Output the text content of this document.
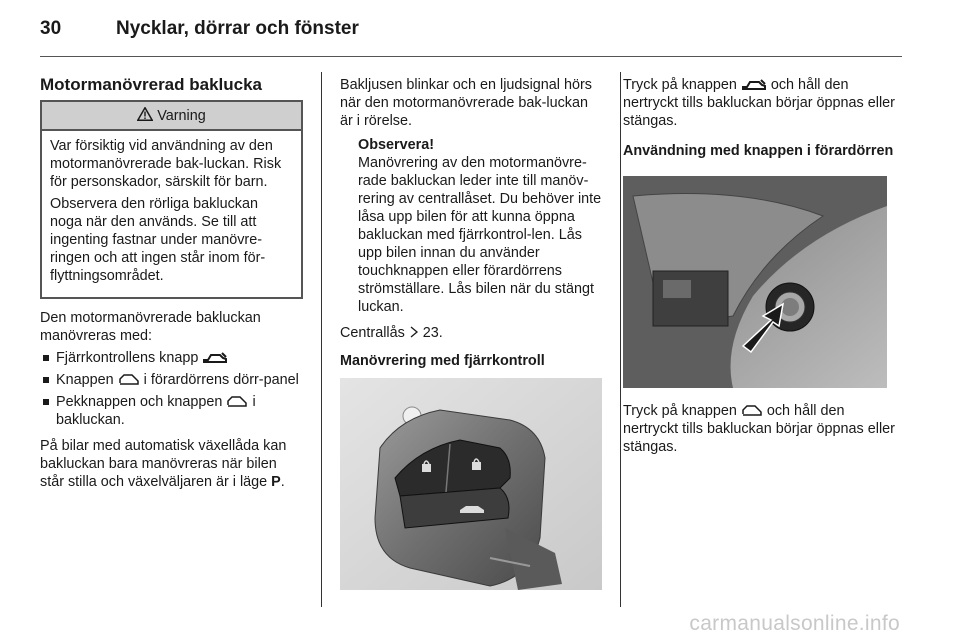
30	Nycklar, dörrar och fönster
Motormanövrerad baklucka
Varning

Var försiktig vid användning av den motormanövrerade bak-luckan. Risk för personskador, särskilt för barn.

Observera den rörliga bakluckan noga när den används. Se till att ingenting fastnar under manövre-ringen och att ingen står inom för-flyttningsområdet.

Den motormanövrerade bakluckan manövreras med:

Fjärrkontrollens knapp
Knappen i förardörrens dörr-panel
Pekknappen och knappen i bakluckan.

På bilar med automatisk växellåda kan bakluckan bara manövreras när bilen står stilla och växelväljaren är i läge P.

Bakljusen blinkar och en ljudsignal hörs när den motormanövrerade bak-luckan är i rörelse.

Observera!
Manövrering av den motormanövre-rade bakluckan leder inte till manöv-rering av centrallåset. Du behöver inte låsa upp bilen för att kunna öppna bakluckan med fjärrkontrol-len. Lås upp bilen innan du använder touchknappen eller förardörrens strömställare. Lås bilen när du stängt luckan.

Centrallås 23.

Manövrering med fjärrkontroll

Tryck på knappen och håll den nertryckt tills bakluckan börjar öppnas eller stängas.

Användning med knappen i förardörren

Tryck på knappen och håll den nertryckt tills bakluckan börjar öppnas eller stängas.

carmanualsonline.info
